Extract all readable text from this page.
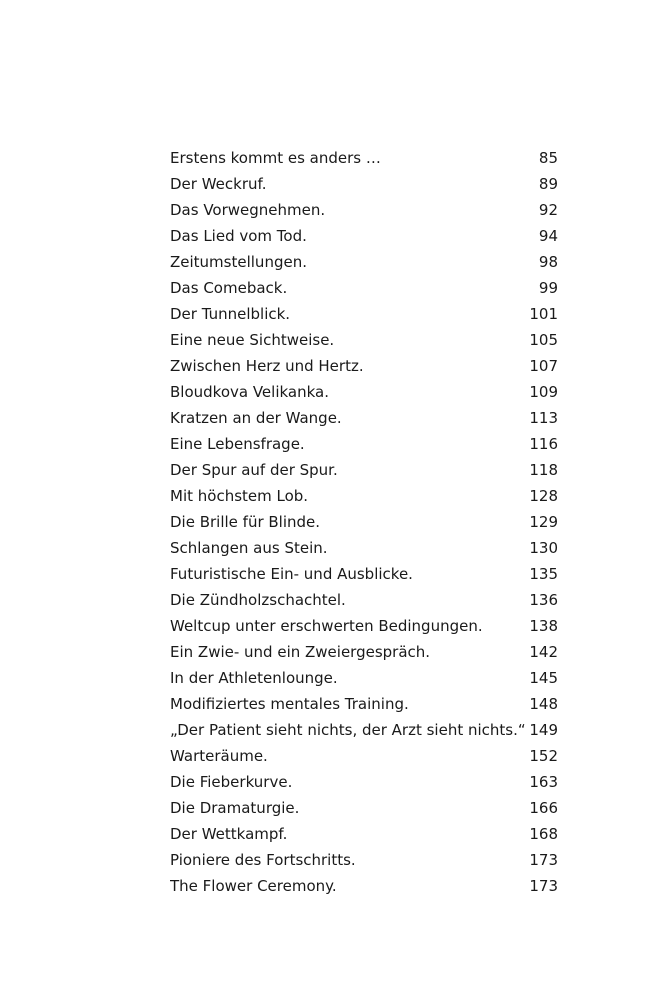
Erstens kommt es anders …	85
Der Weckruf.	89
Das Vorwegnehmen.	92
Das Lied vom Tod.	94
Zeitumstellungen.	98
Das Comeback.	99
Der Tunnelblick.	101
Eine neue Sichtweise.	105
Zwischen Herz und Hertz.	107
Bloudkova Velikanka.	109
Kratzen an der Wange.	113
Eine Lebensfrage.	116
Der Spur auf der Spur.	118
Mit höchstem Lob.	128
Die Brille für Blinde.	129
Schlangen aus Stein.	130
Futuristische Ein- und Ausblicke.	135
Die Zündholzschachtel.	136
Weltcup unter erschwerten Bedingungen.	138
Ein Zwie- und ein Zweiergespräch.	142
In der Athletenlounge.	145
Modifiziertes mentales Training.	148
„Der Patient sieht nichts, der Arzt sieht nichts.“ 149
Warteräume.	152
Die Fieberkurve.	163
Die Dramaturgie.	166
Der Wettkampf.	168
Pioniere des Fortschritts.	173
The Flower Ceremony.	173
